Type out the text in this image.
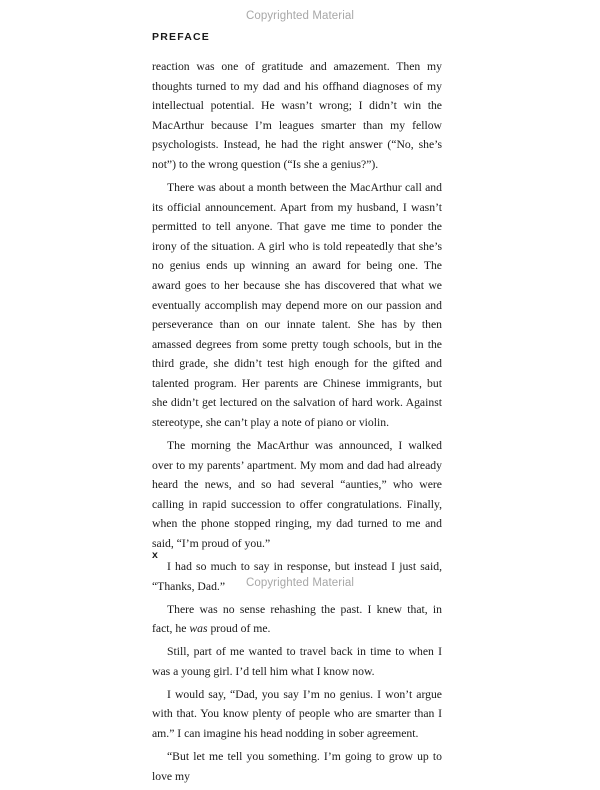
Copyrighted Material
PREFACE

reaction was one of gratitude and amazement. Then my thoughts turned to my dad and his offhand diagnoses of my intellectual potential. He wasn’t wrong; I didn’t win the MacArthur because I’m leagues smarter than my fellow psychologists. Instead, he had the right answer (“No, she’s not”) to the wrong question (“Is she a genius?”).

There was about a month between the MacArthur call and its official announcement. Apart from my husband, I wasn’t permitted to tell anyone. That gave me time to ponder the irony of the situation. A girl who is told repeatedly that she’s no genius ends up winning an award for being one. The award goes to her because she has discovered that what we eventually accomplish may depend more on our passion and perseverance than on our innate talent. She has by then amassed degrees from some pretty tough schools, but in the third grade, she didn’t test high enough for the gifted and talented program. Her parents are Chinese immigrants, but she didn’t get lectured on the salvation of hard work. Against stereotype, she can’t play a note of piano or violin.

The morning the MacArthur was announced, I walked over to my parents’ apartment. My mom and dad had already heard the news, and so had several “aunties,” who were calling in rapid succession to offer congratulations. Finally, when the phone stopped ringing, my dad turned to me and said, “I’m proud of you.”

I had so much to say in response, but instead I just said, “Thanks, Dad.”

There was no sense rehashing the past. I knew that, in fact, he was proud of me.

Still, part of me wanted to travel back in time to when I was a young girl. I’d tell him what I know now.

I would say, “Dad, you say I’m no genius. I won’t argue with that. You know plenty of people who are smarter than I am.” I can imagine his head nodding in sober agreement.

“But let me tell you something. I’m going to grow up to love my

x
Copyrighted Material
